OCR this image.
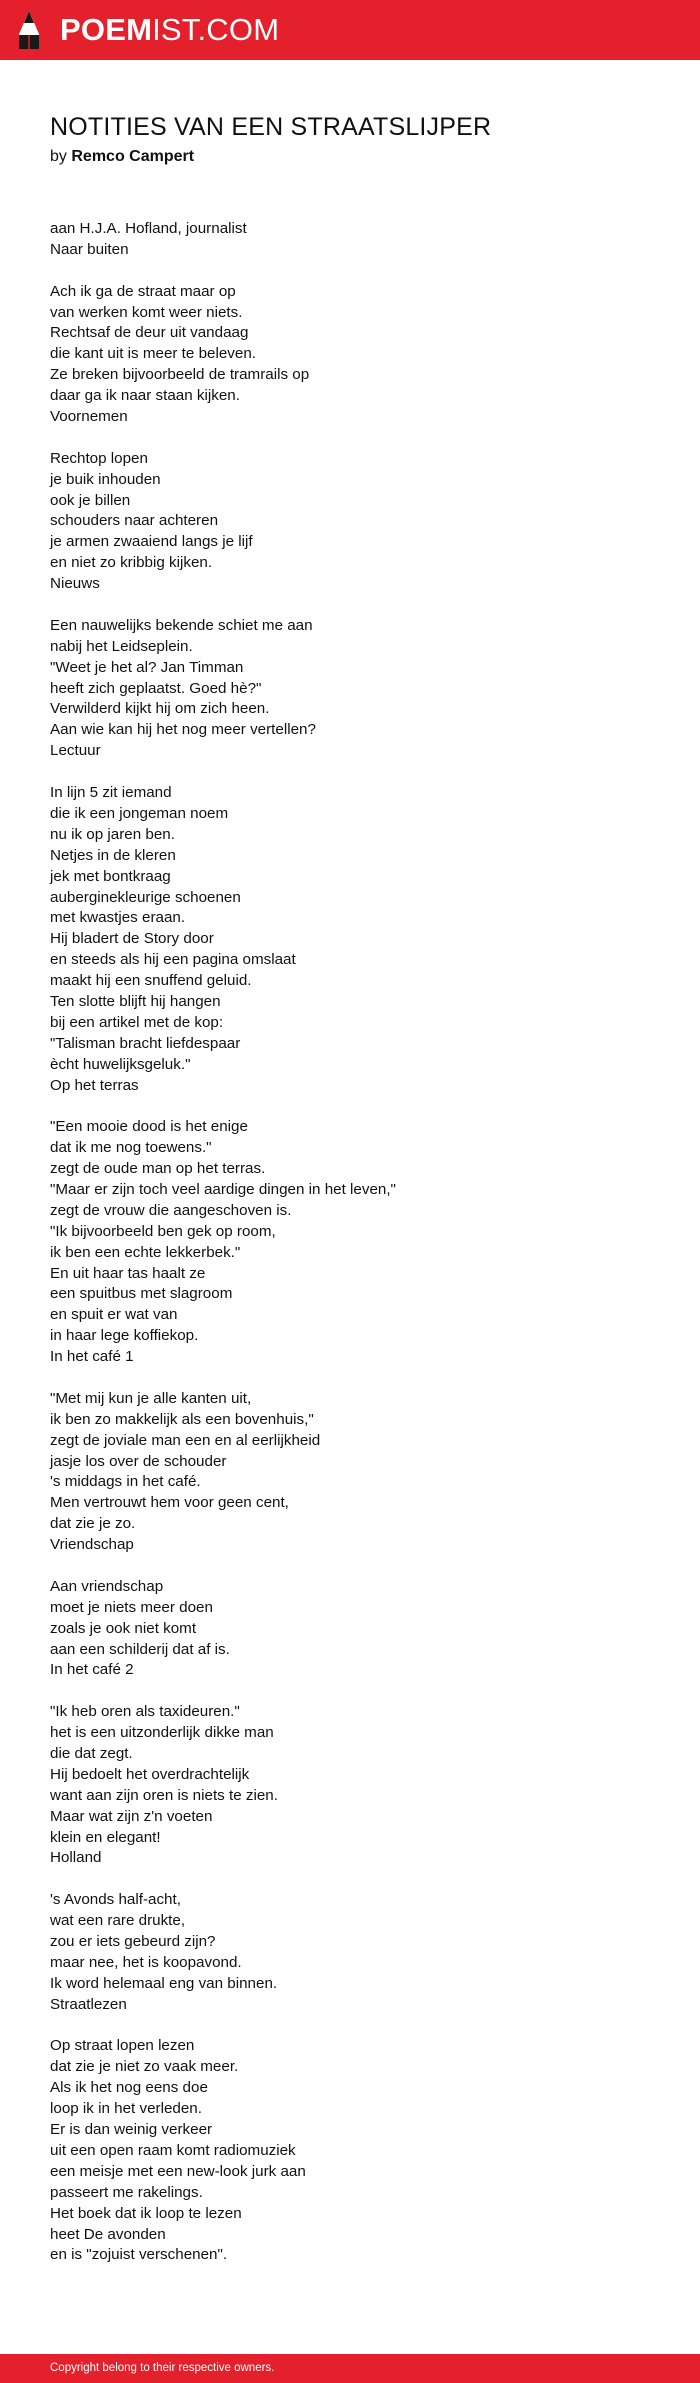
POEMIST.COM
NOTITIES VAN EEN STRAATSLIJPER
by Remco Campert
aan H.J.A. Hofland, journalist
Naar buiten
Ach ik ga de straat maar op
van werken komt weer niets.
Rechtsaf de deur uit vandaag
die kant uit is meer te beleven.
Ze breken bijvoorbeeld de tramrails op
daar ga ik naar staan kijken.
Voornemen
Rechtop lopen
je buik inhouden
ook je billen
schouders naar achteren
je armen zwaaiend langs je lijf
en niet zo kribbig kijken.
Nieuws
Een nauwelijks bekende schiet me aan
nabij het Leidseplein.
"Weet je het al? Jan Timman
heeft zich geplaatst. Goed hè?"
Verwilderd kijkt hij om zich heen.
Aan wie kan hij het nog meer vertellen?
Lectuur
In lijn 5 zit iemand
die ik een jongeman noem
nu ik op jaren ben.
Netjes in de kleren
jek met bontkraag
auberginekleurige schoenen
met kwastjes eraan.
Hij bladert de Story door
en steeds als hij een pagina omslaat
maakt hij een snuffend geluid.
Ten slotte blijft hij hangen
bij een artikel met de kop:
"Talisman bracht liefdespaar
ècht huwelijksgeluk."
Op het terras
"Een mooie dood is het enige
dat ik me nog toewens."
zegt de oude man op het terras.
"Maar er zijn toch veel aardige dingen in het leven,"
zegt de vrouw die aangeschoven is.
"Ik bijvoorbeeld ben gek op room,
ik ben een echte lekkerbek."
En uit haar tas haalt ze
een spuitbus met slagroom
en spuit er wat van
in haar lege koffiekop.
In het café 1
"Met mij kun je alle kanten uit,
ik ben zo makkelijk als een bovenhuis,"
zegt de joviale man een en al eerlijkheid
jasje los over de schouder
's middags in het café.
Men vertrouwt hem voor geen cent,
dat zie je zo.
Vriendschap
Aan vriendschap
moet je niets meer doen
zoals je ook niet komt
aan een schilderij dat af is.
In het café 2
"Ik heb oren als taxideuren."
het is een uitzonderlijk dikke man
die dat zegt.
Hij bedoelt het overdrachtelijk
want aan zijn oren is niets te zien.
Maar wat zijn z'n voeten
klein en elegant!
Holland
's Avonds half-acht,
wat een rare drukte,
zou er iets gebeurd zijn?
maar nee, het is koopavond.
Ik word helemaal eng van binnen.
Straatlezen
Op straat lopen lezen
dat zie je niet zo vaak meer.
Als ik het nog eens doe
loop ik in het verleden.
Er is dan weinig verkeer
uit een open raam komt radiomuziek
een meisje met een new-look jurk aan
passeert me rakelings.
Het boek dat ik loop te lezen
heet De avonden
en is "zojuist verschenen".
Copyright belong to their respective owners.
